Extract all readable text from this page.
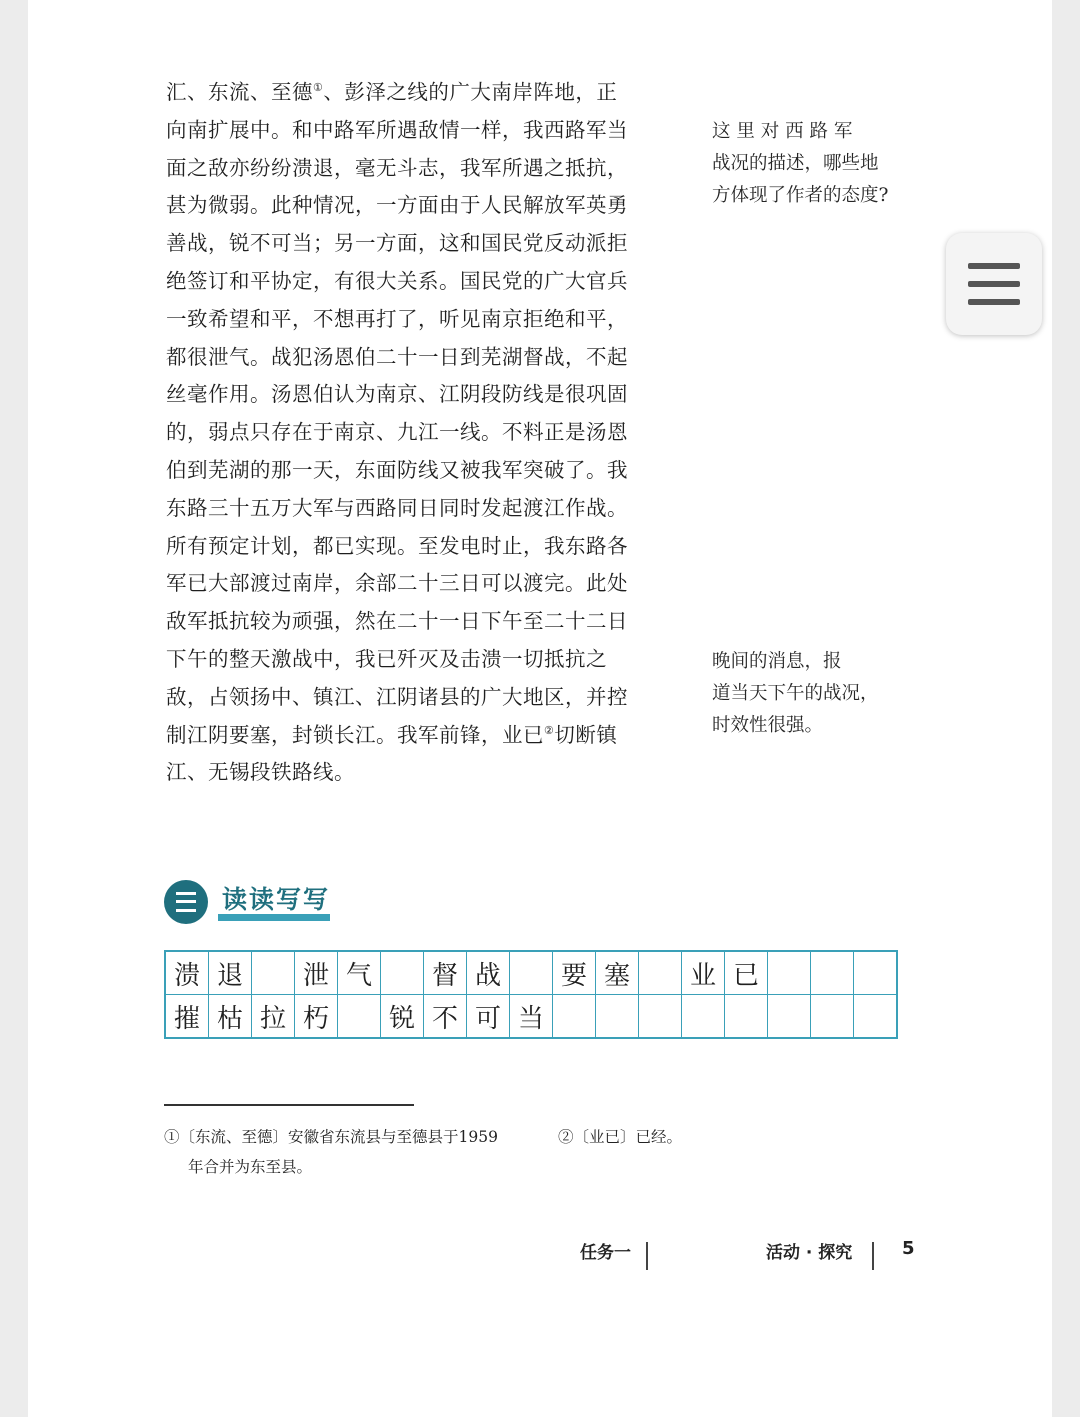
汇、东流、至德①、彭泽之线的广大南岸阵地，正
向南扩展中。和中路军所遇敌情一样，我西路军当
面之敌亦纷纷溃退，毫无斗志，我军所遇之抵抗，
甚为微弱。此种情况，一方面由于人民解放军英勇
善战，锐不可当；另一方面，这和国民党反动派拒
绝签订和平协定，有很大关系。国民党的广大官兵
一致希望和平，不想再打了，听见南京拒绝和平，
都很泄气。战犯汤恩伯二十一日到芜湖督战，不起
丝毫作用。汤恩伯认为南京、江阴段防线是很巩固
的，弱点只存在于南京、九江一线。不料正是汤恩
伯到芜湖的那一天，东面防线又被我军突破了。我
东路三十五万大军与西路同日同时发起渡江作战。
所有预定计划，都已实现。至发电时止，我东路各
军已大部渡过南岸，余部二十三日可以渡完。此处
敌军抵抗较为顽强，然在二十一日下午至二十二日
下午的整天激战中，我已歼灭及击溃一切抵抗之
敌，占领扬中、镇江、江阴诸县的广大地区，并控
制江阴要塞，封锁长江。我军前锋，业已②切断镇
江、无锡段铁路线。
这 里 对 西 路 军
战况的描述，哪些地
方体现了作者的态度?
晚间的消息，报
道当天下午的战况，
时效性很强。
读读写写
溃	退		泄	气		督	战		要	塞		业	已			
摧	枯	拉	朽		锐	不	可	当								
①〔东流、至德〕安徽省东流县与至德县于1959
年合并为东至县。
②〔业已〕已经。
任务一	活动 · 探究	5
